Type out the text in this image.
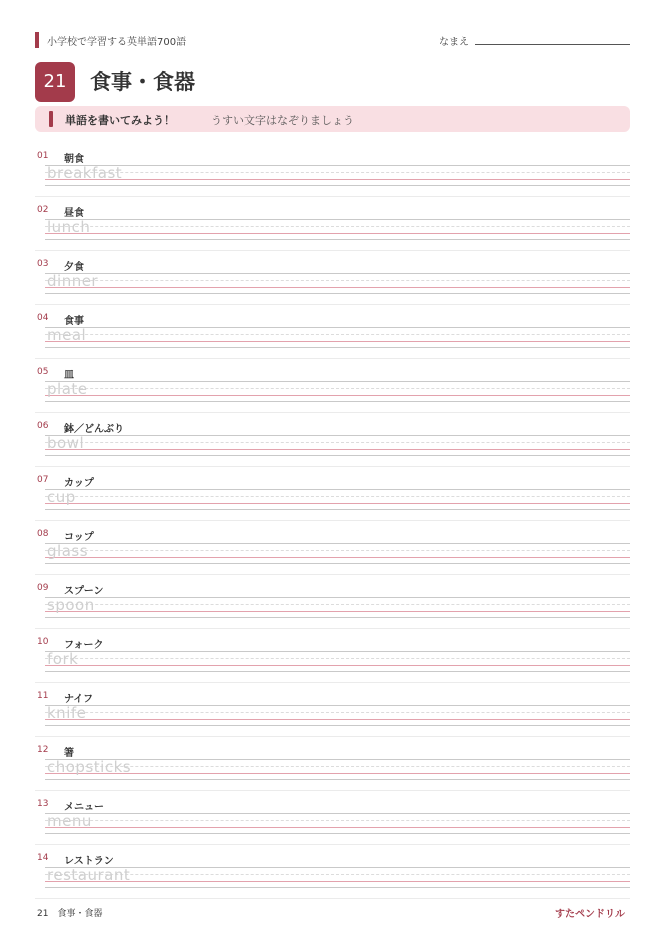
小学校で学習する英単語700語	なまえ
21	食事・食器
単語を書いてみよう！	うすい文字はなぞりましょう
01 朝食
breakfast
02 昼食
lunch
03 夕食
dinner
04 食事
meal
05 皿
plate
06 鉢／どんぶり
bowl
07 カップ
cup
08 コップ
glass
09 スプーン
spoon
10 フォーク
fork
11 ナイフ
knife
12 箸
chopsticks
13 メニュー
menu
14 レストラン
restaurant
21　食事・食器	すたペンドリル
